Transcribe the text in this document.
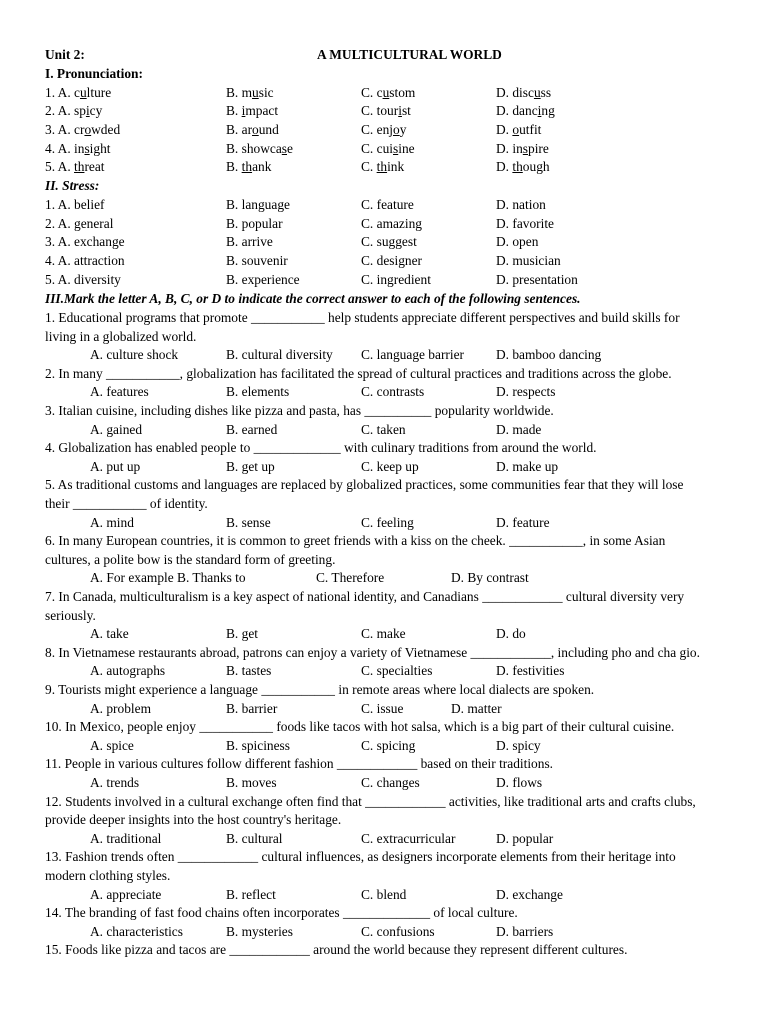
Unit 2:	A MULTICULTURAL WORLD
I. Pronunciation:
II. Stress:
III.Mark the letter A, B, C, or D to indicate the correct answer to each of the following sentences.
1. A. culture	B. music	C. custom	D. discuss
2. A. spicy	B. impact	C. tourist	D. dancing
3. A. crowded	B. around	C. enjoy	D. outfit
4. A. insight	B. showcase	C. cuisine	D. inspire
5. A. threat	B. thank	C. think	D. though
1. A. belief	B. language	C. feature	D. nation
2. A. general	B. popular	C. amazing	D. favorite
3. A. exchange	B. arrive	C. suggest	D. open
4. A. attraction	B. souvenir	C. designer	D. musician
5. A. diversity	B. experience	C. ingredient	D. presentation
1. Educational programs that promote ___________ help students appreciate different perspectives and build skills for
living in a globalized world.
A. culture shock	B. cultural diversity C. language barrier D. bamboo dancing
2. In many ___________, globalization has facilitated the spread of cultural practices and traditions across the globe.
A. features	B. elements	C. contrasts	D. respects
3. Italian cuisine, including dishes like pizza and pasta, has __________ popularity worldwide.
A. gained	B. earned	C. taken	D. made
4. Globalization has enabled people to _____________ with culinary traditions from around the world.
A. put up	B. get up	C. keep up	D. make up
5. As traditional customs and languages are replaced by globalized practices, some communities fear that they will lose
their ___________ of identity.
A. mind	B. sense	C. feeling	D. feature
6. In many European countries, it is common to greet friends with a kiss on the cheek. ___________, in some Asian
cultures, a polite bow is the standard form of greeting.
A. For example B. Thanks to	C. Therefore	D. By contrast
7. In Canada, multiculturalism is a key aspect of national identity, and Canadians ____________ cultural diversity very
seriously.
A. take	B. get	C. make	D. do
8. In Vietnamese restaurants abroad, patrons can enjoy a variety of Vietnamese ____________, including pho and cha gio.
A. autographs	B. tastes	C. specialties	D. festivities
9. Tourists might experience a language ___________ in remote areas where local dialects are spoken.
A. problem	B. barrier	C. issue	D. matter
10. In Mexico, people enjoy ___________ foods like tacos with hot salsa, which is a big part of their cultural cuisine.
A. spice	B. spiciness	C. spicing	D. spicy
11. People in various cultures follow different fashion ____________ based on their traditions.
A. trends	B. moves	C. changes	D. flows
12. Students involved in a cultural exchange often find that ____________ activities, like traditional arts and crafts clubs,
provide deeper insights into the host country's heritage.
A. traditional	B. cultural	C. extracurricular	D. popular
13. Fashion trends often ____________ cultural influences, as designers incorporate elements from their heritage into
modern clothing styles.
A. appreciate	B. reflect	C. blend	D. exchange
14. The branding of fast food chains often incorporates _____________ of local culture.
A. characteristics	B. mysteries	C. confusions	D. barriers
15. Foods like pizza and tacos are ____________ around the world because they represent different cultures.
